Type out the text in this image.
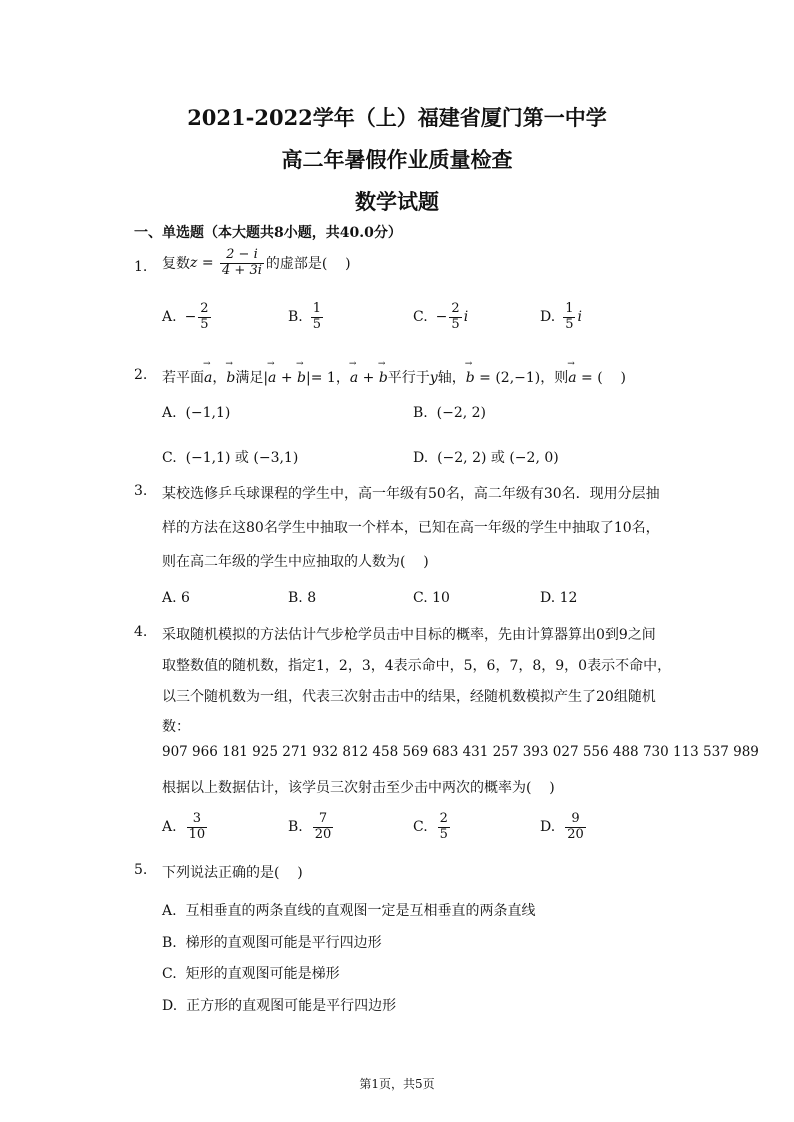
2021-2022学年（上）福建省厦门第一中学
高二年暑假作业质量检查
数学试题
一、单选题（本大题共8小题，共40.0分）
1. 复数 $z = \frac{2 - i}{4 + 3i}$ 的虚部是(    )
A. − $\frac{2}{5}$	B. $\frac{1}{5}$	C. − $\frac{2}{5}$ i	D. $\frac{1}{5}$ i
2. 若平面→ a，→ b满足|→ a + → b|= 1，→ a + → b平行于y轴，→ b = (2,−1)，则→ a = (    )
A.  (−1,1)	B.  (−2, 2)
C.  (−1,1) 或 (−3,1)	D.  (−2, 2) 或 (−2, 0)
3. 某校选修乒乓球课程的学生中，高一年级有50名，高二年级有30名．现用分层抽
样的方法在这80名学生中抽取一个样本，已知在高一年级的学生中抽取了10名，
则在高二年级的学生中应抽取的人数为(    )
A. 6	B. 8	C. 10	D. 12
4. 采取随机模拟的方法估计气步枪学员击中目标的概率，先由计算器算出0到9之间
取整数值的随机数，指定1，2，3，4表示命中，5，6，7，8，9，0表示不命中，
以三个随机数为一组，代表三次射击击中的结果，经随机数模拟产生了20组随机
数：
907 966 181 925 271 932 812 458 569 683 431 257 393 027 556 488 730 113 537 989
根据以上数据估计，该学员三次射击至少击中两次的概率为(    )
A. $\frac{3}{10}$	B. $\frac{7}{20}$	C. $\frac{2}{5}$	D. $\frac{9}{20}$
5. 下列说法正确的是(    )
A.  互相垂直的两条直线的直观图一定是互相垂直的两条直线
B.  梯形的直观图可能是平行四边形
C.  矩形的直观图可能是梯形
D.  正方形的直观图可能是平行四边形
第1页，共5页
